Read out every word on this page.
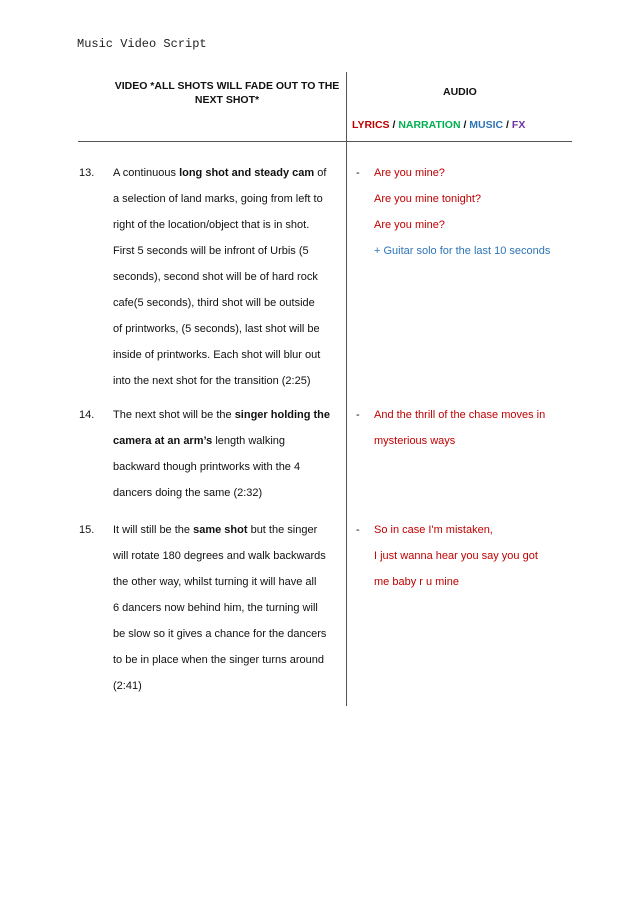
Music Video Script
VIDEO *ALL SHOTS WILL FADE OUT TO THE
NEXT SHOT*
AUDIO
LYRICS / NARRATION / MUSIC / FX
13. A continuous long shot and steady cam of
a selection of land marks, going from left to
right of the location/object that is in shot.
First 5 seconds will be infront of Urbis (5
seconds), second shot will be of hard rock
cafe(5 seconds), third shot will be outside
of printworks, (5 seconds), last shot will be
inside of printworks. Each shot will blur out
into the next shot for the transition (2:25)
- Are you mine?
Are you mine tonight?
Are you mine?
+ Guitar solo for the last 10 seconds
14. The next shot will be the singer holding the
camera at an arm’s length walking
backward though printworks with the 4
dancers doing the same (2:32)
- And the thrill of the chase moves in
mysterious ways
15. It will still be the same shot but the singer
will rotate 180 degrees and walk backwards
the other way, whilst turning it will have all
6 dancers now behind him, the turning will
be slow so it gives a chance for the dancers
to be in place when the singer turns around
(2:41)
- So in case I'm mistaken,
I just wanna hear you say you got
me baby r u mine
